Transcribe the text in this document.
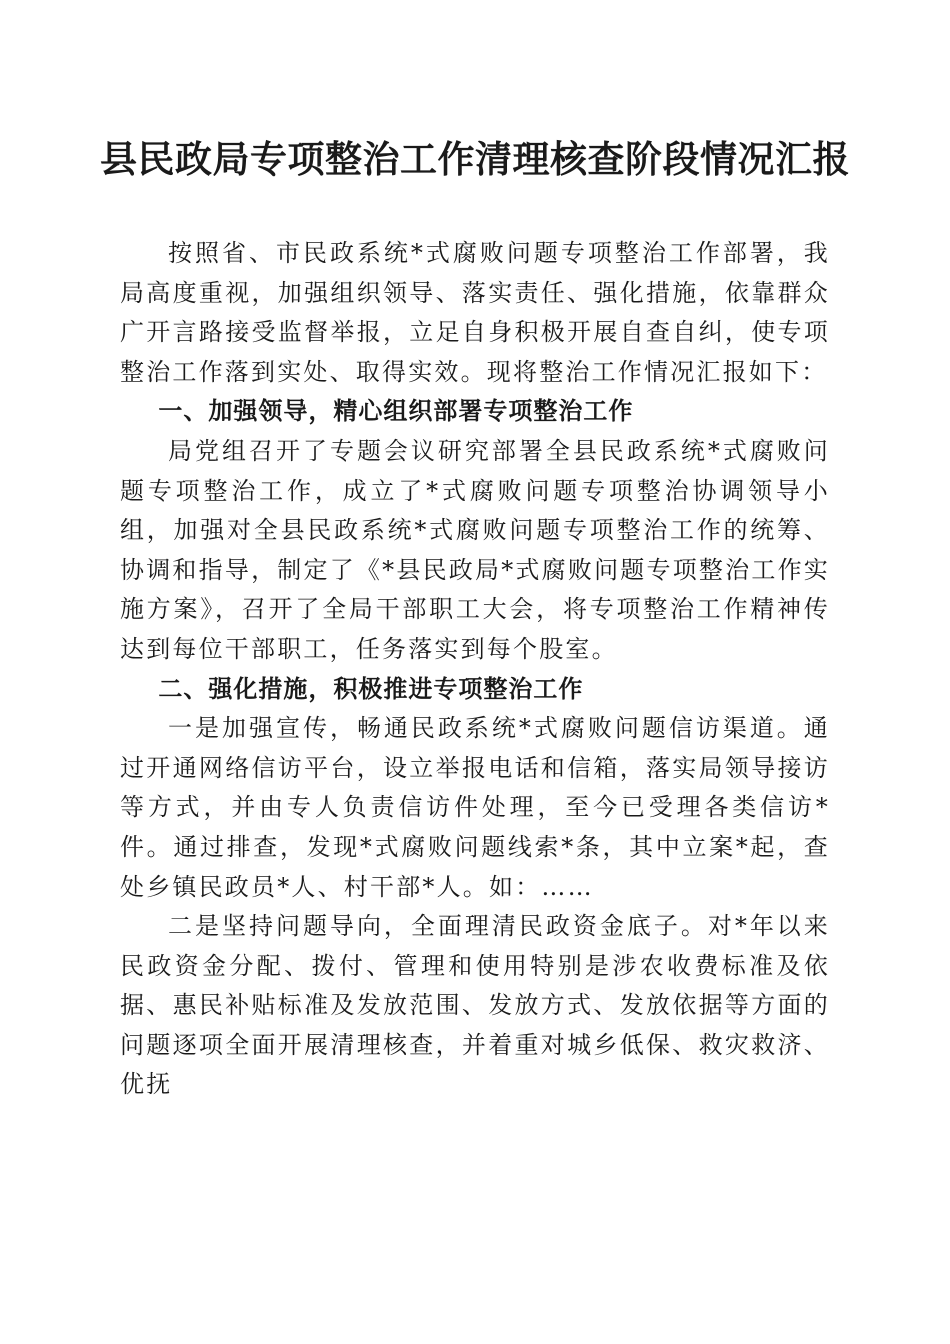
县民政局专项整治工作清理核查阶段情况汇报

按照省、市民政系统*式腐败问题专项整治工作部署，我局高度重视，加强组织领导、落实责任、强化措施，依靠群众广开言路接受监督举报，立足自身积极开展自查自纠，使专项整治工作落到实处、取得实效。现将整治工作情况汇报如下：

一、加强领导，精心组织部署专项整治工作

局党组召开了专题会议研究部署全县民政系统*式腐败问题专项整治工作，成立了*式腐败问题专项整治协调领导小组，加强对全县民政系统*式腐败问题专项整治工作的统筹、协调和指导，制定了《*县民政局*式腐败问题专项整治工作实施方案》，召开了全局干部职工大会，将专项整治工作精神传达到每位干部职工，任务落实到每个股室。

二、强化措施，积极推进专项整治工作

一是加强宣传，畅通民政系统*式腐败问题信访渠道。通过开通网络信访平台，设立举报电话和信箱，落实局领导接访等方式，并由专人负责信访件处理，至今已受理各类信访*件。通过排查，发现*式腐败问题线索*条，其中立案*起，查处乡镇民政员*人、村干部*人。如：……

二是坚持问题导向，全面理清民政资金底子。对*年以来民政资金分配、拨付、管理和使用特别是涉农收费标准及依据、惠民补贴标准及发放范围、发放方式、发放依据等方面的问题逐项全面开展清理核查，并着重对城乡低保、救灾救济、优抚
